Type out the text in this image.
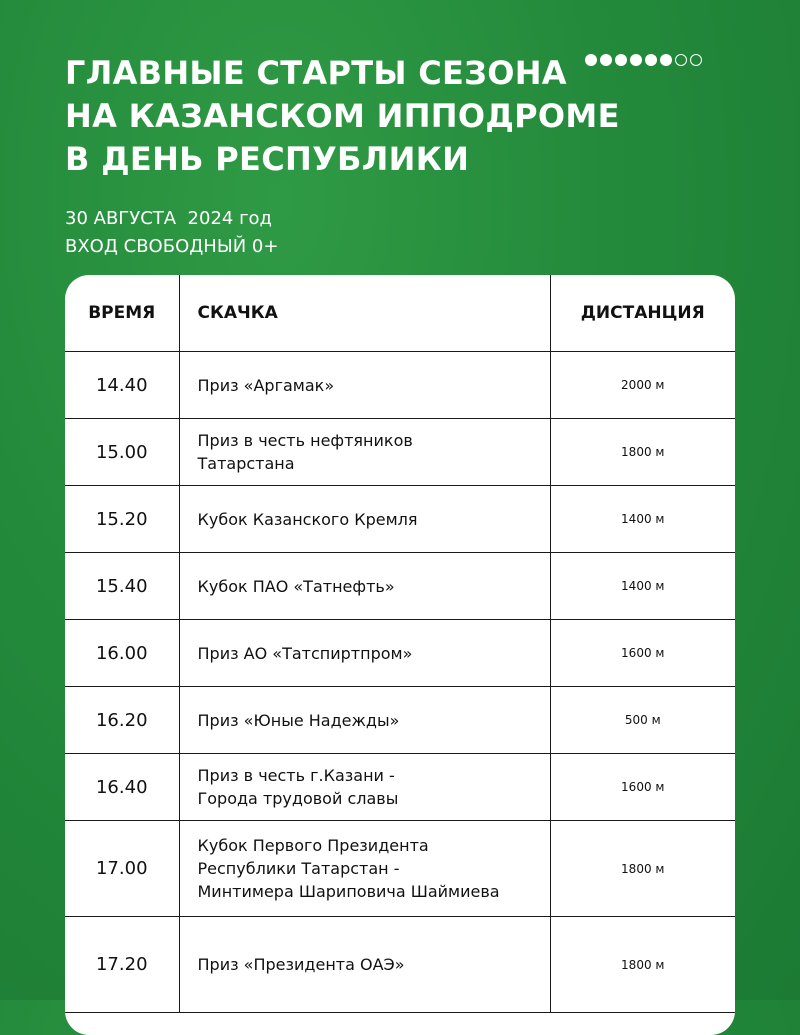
ГЛАВНЫЕ СТАРТЫ СЕЗОНА
НА КАЗАНСКОМ ИППОДРОМЕ
В ДЕНЬ РЕСПУБЛИКИ
30 АВГУСТА  2024 год
ВХОД СВОБОДНЫЙ 0+
ВРЕМЯ	СКАЧКА	ДИСТАНЦИЯ
14.40	Приз «Аргамак»	2000 м
15.00	Приз в честь нефтяников
Татарстана	1800 м
15.20	Кубок Казанского Кремля	1400 м
15.40	Кубок ПАО «Татнефть»	1400 м
16.00	Приз АО «Татспиртпром»	1600 м
16.20	Приз «Юные Надежды»	500 м
16.40	Приз в честь г.Казани -
Города трудовой славы	1600 м
17.00	Кубок Первого Президента
Республики Татарстан -
Минтимера Шариповича Шаймиева	1800 м
17.20	Приз «Президента ОАЭ»	1800 м
